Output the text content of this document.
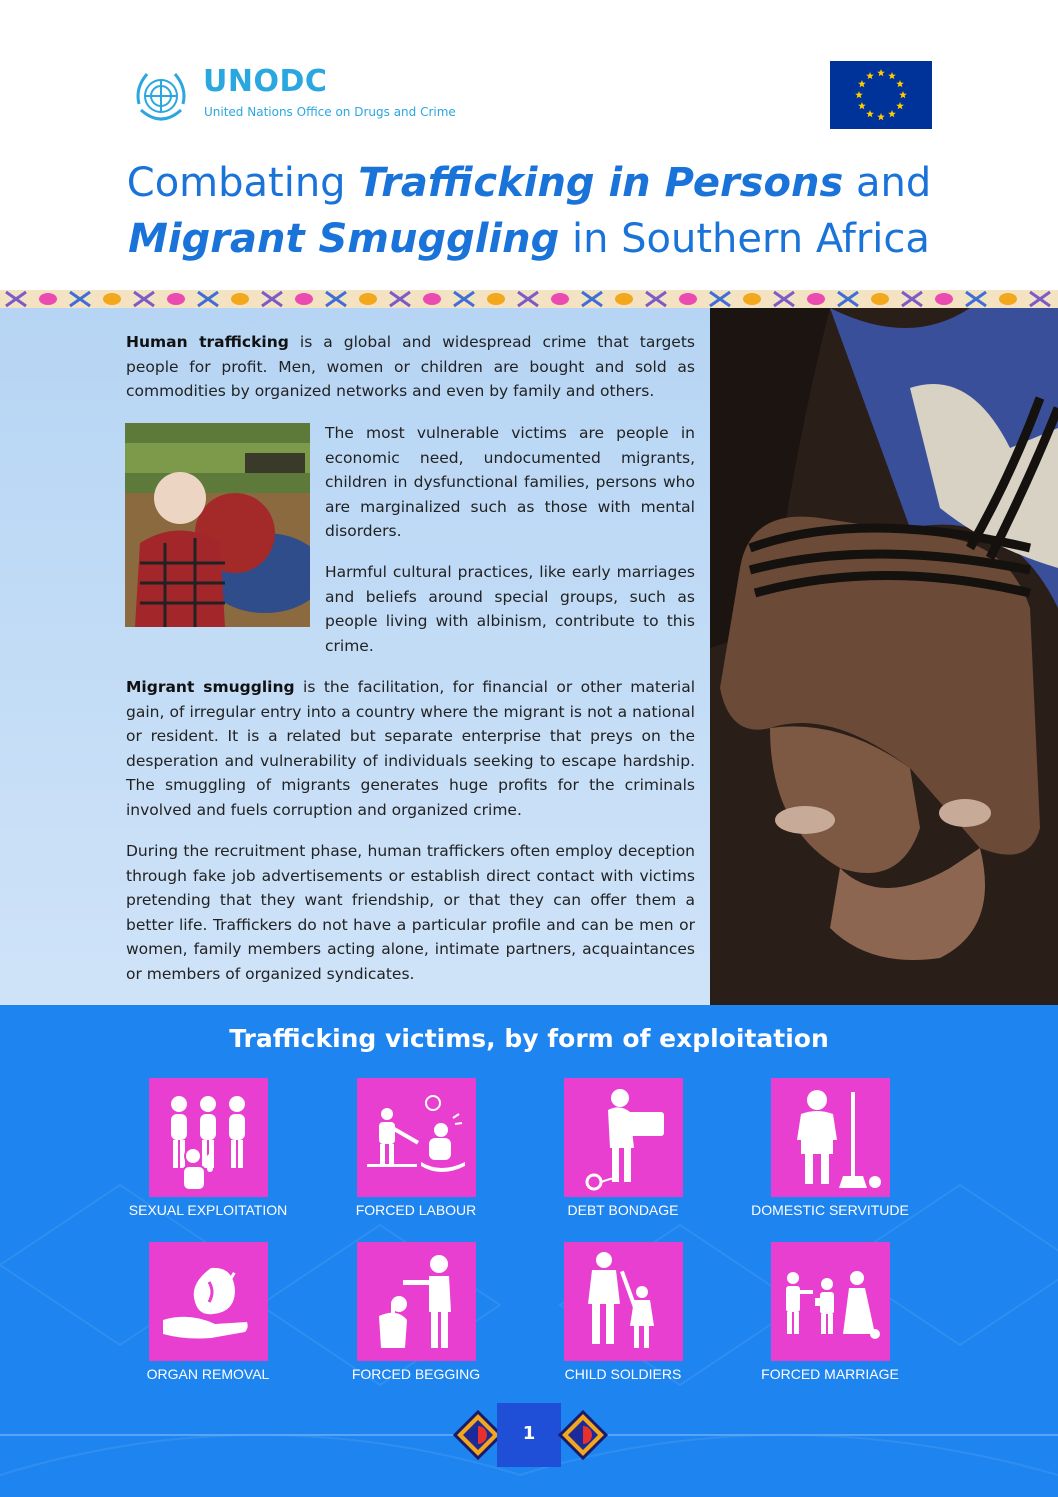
UNODC
United Nations Office on Drugs and Crime
Combating Trafficking in Persons and
Migrant Smuggling in Southern Africa

Human trafficking is a global and widespread crime that targets people for profit. Men, women or children are bought and sold as commodities by organized networks and even by family and others.

The most vulnerable victims are people in economic need, undocumented migrants, children in dysfunctional families, persons who are marginalized such as those with mental disorders.

Harmful cultural practices, like early marriages and beliefs around special groups, such as people living with albinism, contribute to this crime.

Migrant smuggling is the facilitation, for financial or other material gain, of irregular entry into a country where the migrant is not a national or resident. It is a related but separate enterprise that preys on the desperation and vulnerability of individuals seeking to escape hardship. The smuggling of migrants generates huge profits for the criminals involved and fuels corruption and organized crime.

During the recruitment phase, human traffickers often employ deception through fake job advertisements or establish direct contact with victims pretending that they want friendship, or that they can offer them a better life. Traffickers do not have a particular profile and can be men or women, family members acting alone, intimate partners, acquaintances or members of organized syndicates.

Trafficking victims, by form of exploitation
SEXUAL EXPLOITATION	FORCED LABOUR	DEBT BONDAGE	DOMESTIC SERVITUDE
ORGAN REMOVAL	FORCED BEGGING	CHILD SOLDIERS	FORCED MARRIAGE
1
